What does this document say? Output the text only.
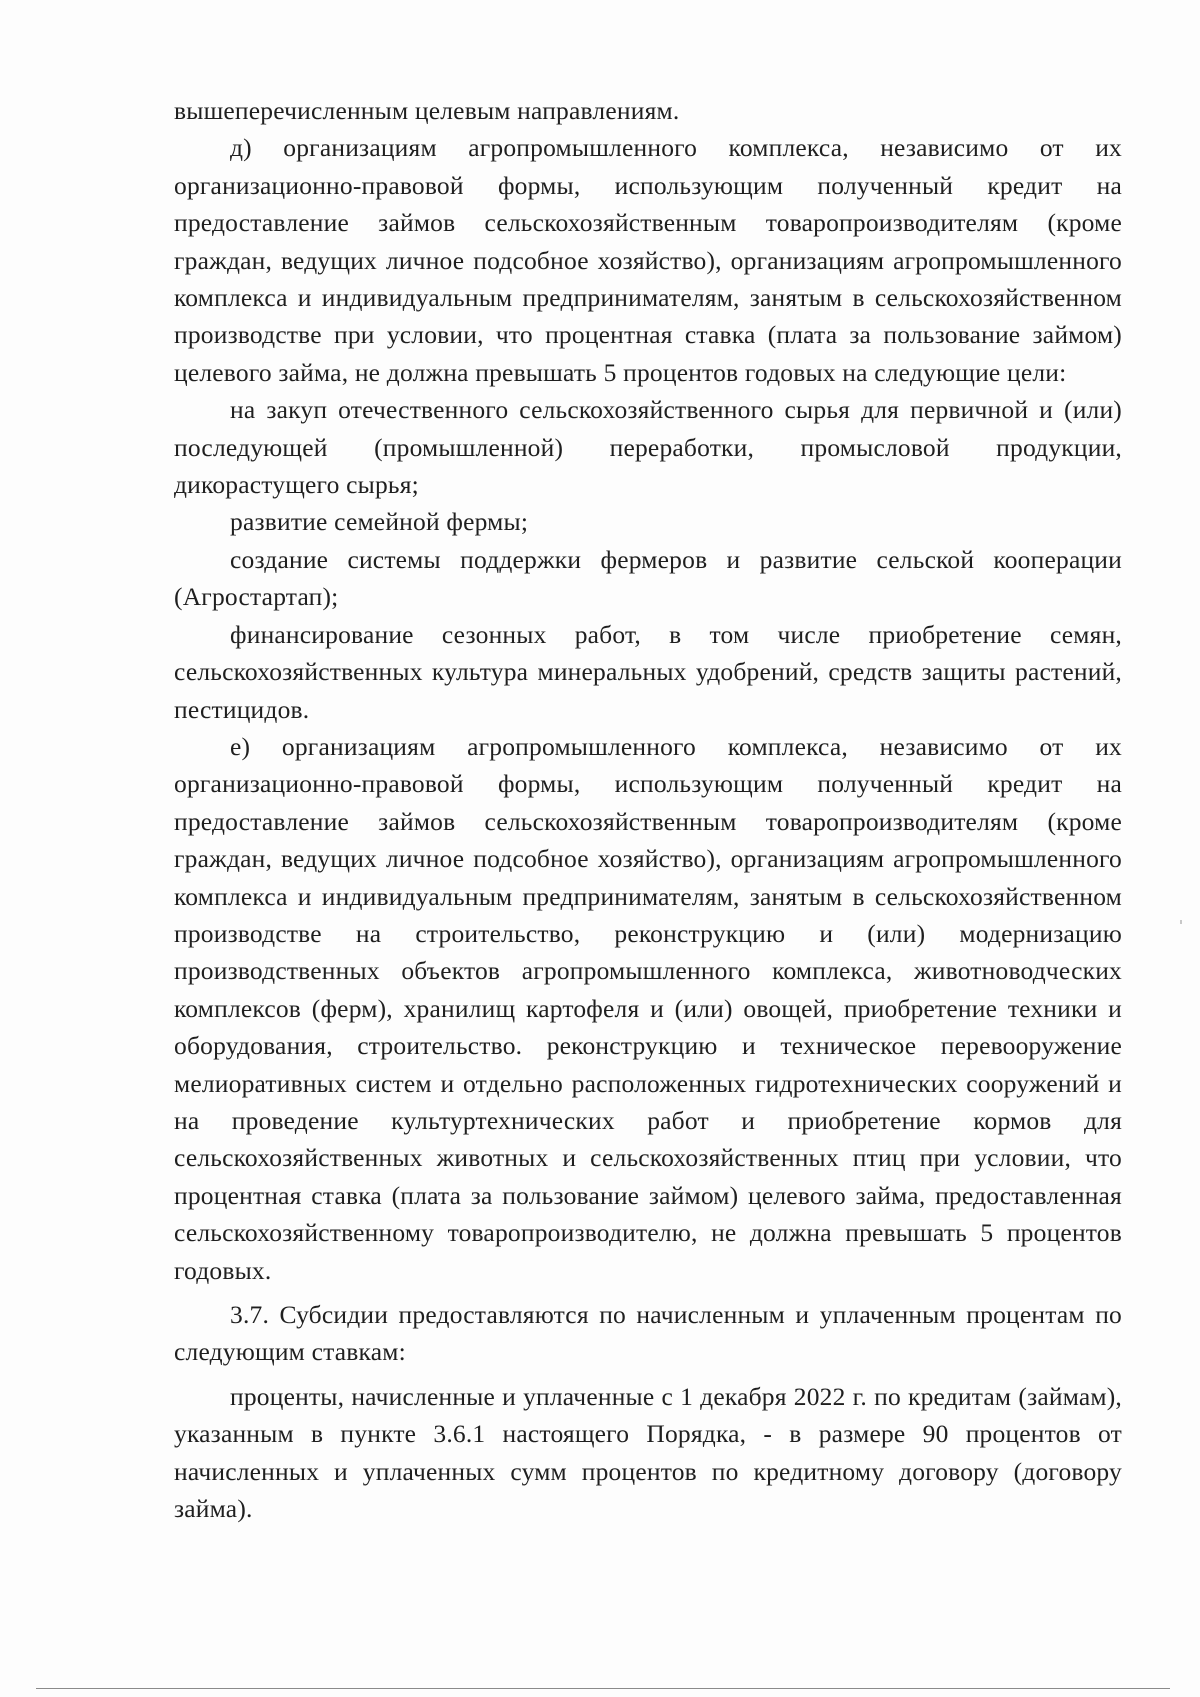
вышеперечисленным целевым направлениям.

д) организациям агропромышленного комплекса, независимо от их организационно-правовой формы, использующим полученный кредит на предоставление займов сельскохозяйственным товаропроизводителям (кроме граждан, ведущих личное подсобное хозяйство), организациям агропромышленного комплекса и индивидуальным предпринимателям, занятым в сельскохозяйственном производстве при условии, что процентная ставка (плата за пользование займом) целевого займа, не должна превышать 5 процентов годовых на следующие цели:

на закуп отечественного сельскохозяйственного сырья для первичной и (или) последующей (промышленной) переработки, промысловой продукции, дикорастущего сырья;

развитие семейной фермы;

создание системы поддержки фермеров и развитие сельской кооперации (Агростартап);

финансирование сезонных работ, в том числе приобретение семян, сельскохозяйственных культура минеральных удобрений, средств защиты растений, пестицидов.

е) организациям агропромышленного комплекса, независимо от их организационно-правовой формы, использующим полученный кредит на предоставление займов сельскохозяйственным товаропроизводителям (кроме граждан, ведущих личное подсобное хозяйство), организациям агропромышленного комплекса и индивидуальным предпринимателям, занятым в сельскохозяйственном производстве на строительство, реконструкцию и (или) модернизацию производственных объектов агропромышленного комплекса, животноводческих комплексов (ферм), хранилищ картофеля и (или) овощей, приобретение техники и оборудования, строительство. реконструкцию и техническое перевооружение мелиоративных систем и отдельно расположенных гидротехнических сооружений и на проведение культуртехнических работ и приобретение кормов для сельскохозяйственных животных и сельскохозяйственных птиц при условии, что процентная ставка (плата за пользование займом) целевого займа, предоставленная сельскохозяйственному товаропроизводителю, не должна превышать 5 процентов годовых.

3.7. Субсидии предоставляются по начисленным и уплаченным процентам по следующим ставкам:

проценты, начисленные и уплаченные с 1 декабря 2022 г. по кредитам (займам), указанным в пункте 3.6.1 настоящего Порядка, - в размере 90 процентов от начисленных и уплаченных сумм процентов по кредитному договору (договору займа).
